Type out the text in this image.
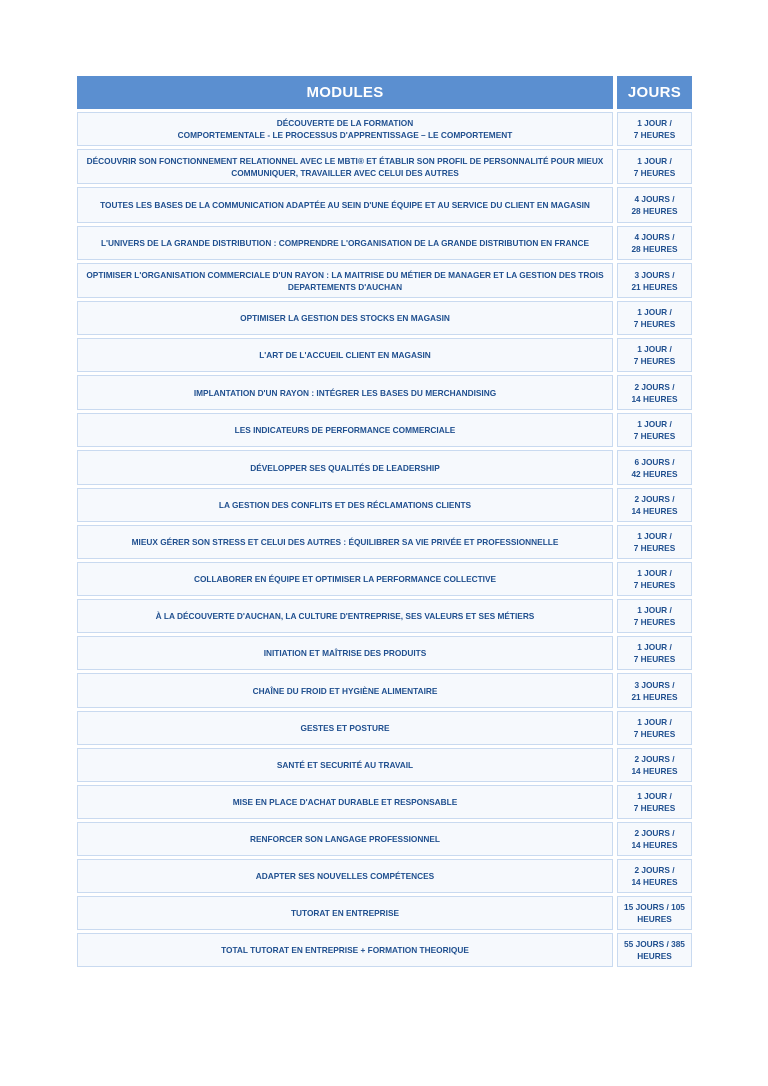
MODULES	JOURS
DÉCOUVERTE DE LA FORMATION
COMPORTEMENTALE - LE PROCESSUS D'APPRENTISSAGE – LE COMPORTEMENT
1 JOUR /
7 HEURES
DÉCOUVRIR SON FONCTIONNEMENT RELATIONNEL AVEC LE MBTI® ET ÉTABLIR SON PROFIL DE PERSONNALITÉ POUR MIEUX COMMUNIQUER, TRAVAILLER AVEC CELUI DES AUTRES
1 JOUR /
7 HEURES
TOUTES LES BASES DE LA COMMUNICATION ADAPTÉE AU SEIN D'UNE ÉQUIPE ET AU SERVICE DU CLIENT EN MAGASIN
4 JOURS /
28 HEURES
L'UNIVERS DE LA GRANDE DISTRIBUTION : COMPRENDRE L'ORGANISATION DE LA GRANDE DISTRIBUTION EN FRANCE
4 JOURS /
28 HEURES
OPTIMISER L'ORGANISATION COMMERCIALE D'UN RAYON : LA MAITRISE DU MÉTIER DE MANAGER ET LA GESTION DES TROIS DEPARTEMENTS D'AUCHAN
3 JOURS /
21 HEURES
OPTIMISER LA GESTION DES STOCKS EN MAGASIN
1 JOUR /
7 HEURES
L'ART DE L'ACCUEIL CLIENT EN MAGASIN
1 JOUR /
7 HEURES
IMPLANTATION D'UN RAYON : INTÉGRER LES BASES DU MERCHANDISING
2 JOURS /
14 HEURES
LES INDICATEURS DE PERFORMANCE COMMERCIALE
1 JOUR /
7 HEURES
DÉVELOPPER SES QUALITÉS DE LEADERSHIP
6 JOURS /
42 HEURES
LA GESTION DES CONFLITS ET DES RÉCLAMATIONS CLIENTS
2 JOURS /
14 HEURES
MIEUX GÉRER SON STRESS ET CELUI DES AUTRES : ÉQUILIBRER SA VIE PRIVÉE ET PROFESSIONNELLE
1 JOUR /
7 HEURES
COLLABORER EN ÉQUIPE ET OPTIMISER LA PERFORMANCE COLLECTIVE
1 JOUR /
7 HEURES
À LA DÉCOUVERTE D'AUCHAN, LA CULTURE D'ENTREPRISE, SES VALEURS ET SES MÉTIERS
1 JOUR /
7 HEURES
INITIATION ET MAÎTRISE DES PRODUITS
1 JOUR /
7 HEURES
CHAÎNE DU FROID ET HYGIÈNE ALIMENTAIRE
3 JOURS /
21 HEURES
GESTES ET POSTURE
1 JOUR /
7 HEURES
SANTÉ ET SECURITÉ AU TRAVAIL
2 JOURS /
14 HEURES
MISE EN PLACE D'ACHAT DURABLE ET RESPONSABLE
1 JOUR /
7 HEURES
RENFORCER SON LANGAGE PROFESSIONNEL
2 JOURS /
14 HEURES
ADAPTER SES NOUVELLES COMPÉTENCES
2 JOURS /
14 HEURES
TUTORAT EN ENTREPRISE
15 JOURS / 105
HEURES
TOTAL TUTORAT EN ENTREPRISE + FORMATION THEORIQUE
55 JOURS / 385
HEURES
